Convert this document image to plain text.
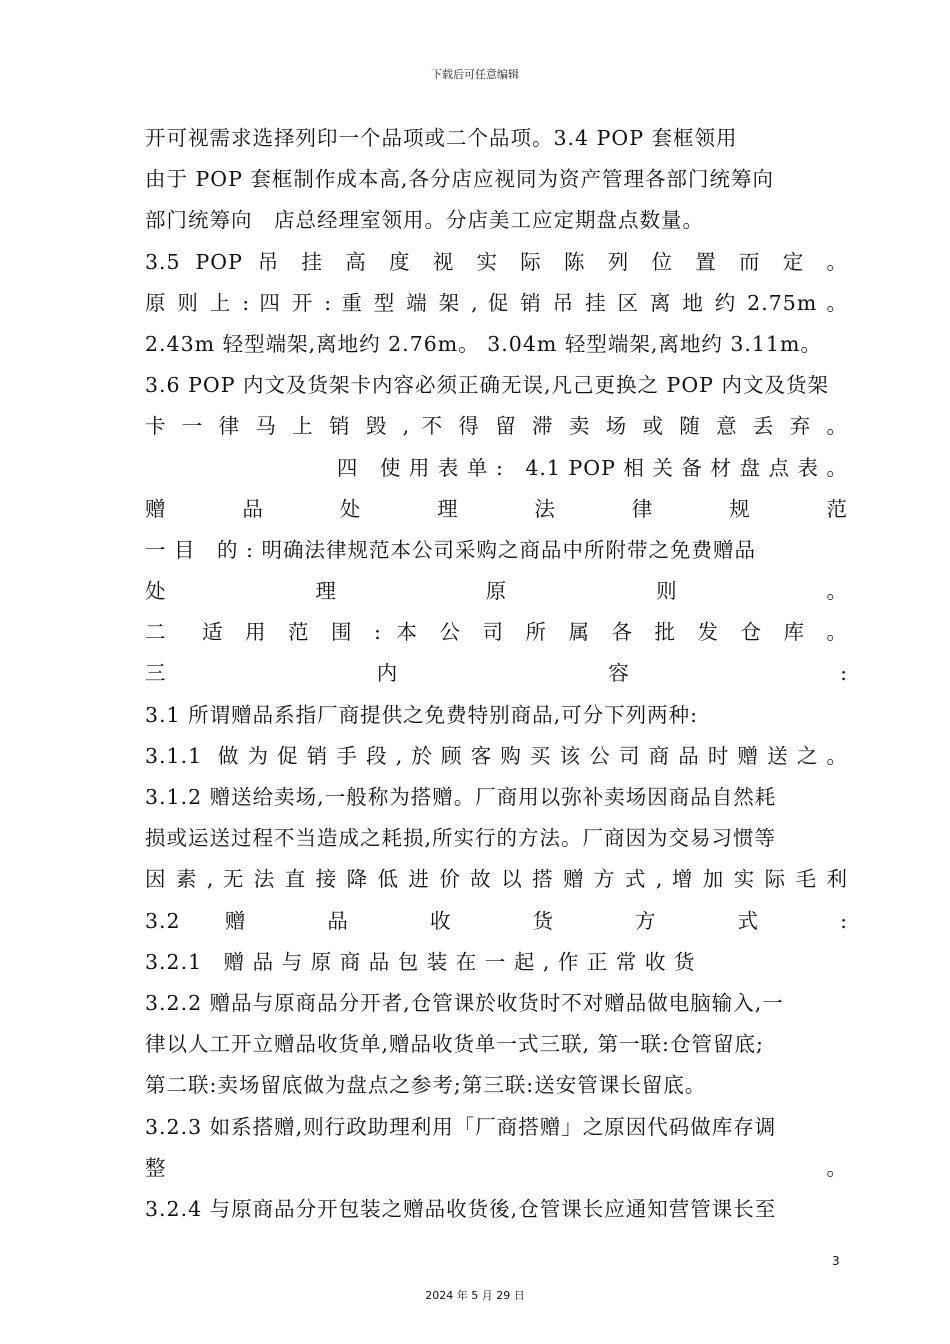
下载后可任意编辑
开可视需求选择列印一个品项或二个品项。3.4 POP 套框领用
由于 POP 套框制作成本高,各分店应视同为资产管理各部门统筹向
部门统筹向　店总经理室领用。分店美工应定期盘点数量。
3.5 POP 吊 挂 高 度 视 实 际 陈 列 位 置 而 定 。
原 则 上 : 四 开 : 重 型 端 架 , 促 销 吊 挂 区 离 地 约 2.75m 。
2.43m 轻型端架,离地约 2.76m。 3.04m 轻型端架,离地约 3.11m。
3.6 POP 内文及货架卡内容必须正确无误,凡己更换之 POP 内文及货架
卡 一 律 马 上 销 毁 , 不 得 留 滞 卖 场 或 随 意 丢 弃 。
　　四　使 用 表 单 :　4.1 POP 相 关 备 材 盘 点 表 。
赠 品 处 理 法 律 规 范
一 目　的 : 明确法律规范本公司采购之商品中所附带之免费赠品
处 理 原 则 。
二　适 用 范 围 : 本 公 司 所 属 各 批 发 仓 库 。
三 内 容 :
3.1 所谓赠品系指厂商提供之免费特别商品,可分下列两种:
3.1.1 做为促销手段,於顾客购买该公司商品时赠送之。
3.1.2 赠送给卖场,一般称为搭赠。厂商用以弥补卖场因商品自然耗
损或运送过程不当造成之耗损,所实行的方法。厂商因为交易习惯等
因 素 , 无 法 直 接 降 低 进 价 故 以 搭 赠 方 式 , 增 加 实 际 毛 利
3.2 赠 品 收 货 方 式 :
3.2.1　赠 品 与 原 商 品 包 装 在 一 起 , 作 正 常 收 货
3.2.2 赠品与原商品分开者,仓管课於收货时不对赠品做电脑输入,一
律以人工开立赠品收货单,赠品收货单一式三联, 第一联:仓管留底;
第二联:卖场留底做为盘点之参考;第三联:送安管课长留底。
3.2.3 如系搭赠,则行政助理利用「厂商搭赠」之原因代码做库存调
整 。
3.2.4 与原商品分开包装之赠品收货後,仓管课长应通知营管课长至
3
2024 年 5 月 29 日
